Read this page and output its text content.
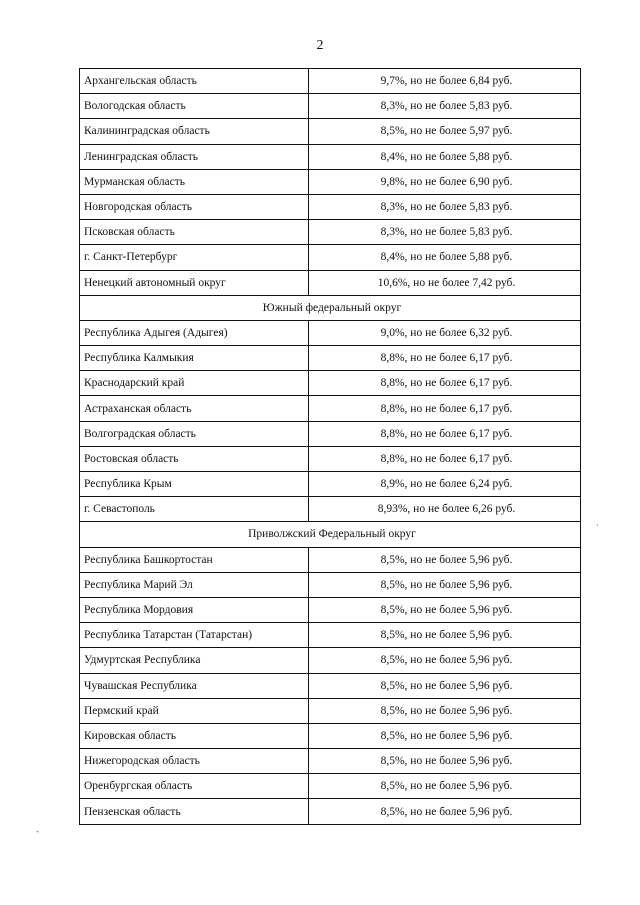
2
Архангельская область	9,7%, но не более 6,84 руб.
Вологодская область	8,3%, но не более 5,83 руб.
Калининградская область	8,5%, но не более 5,97 руб.
Ленинградская область	8,4%, но не более 5,88 руб.
Мурманская область	9,8%, но не более 6,90 руб.
Новгородская область	8,3%, но не более 5,83 руб.
Псковская область	8,3%, но не более 5,83 руб.
г. Санкт-Петербург	8,4%, но не более 5,88 руб.
Ненецкий автономный округ	10,6%, но не более 7,42 руб.
Южный федеральный округ	
Республика Адыгея (Адыгея)	9,0%, но не более 6,32 руб.
Республика Калмыкия	8,8%, но не более 6,17 руб.
Краснодарский край	8,8%, но не более 6,17 руб.
Астраханская область	8,8%, но не более 6,17 руб.
Волгоградская область	8,8%, но не более 6,17 руб.
Ростовская область	8,8%, но не более 6,17 руб.
Республика Крым	8,9%, но не более 6,24 руб.
г. Севастополь	8,93%, но не более 6,26 руб.
Приволжский Федеральный округ	
Республика Башкортостан	8,5%, но не более 5,96 руб.
Республика Марий Эл	8,5%, но не более 5,96 руб.
Республика Мордовия	8,5%, но не более 5,96 руб.
Республика Татарстан (Татарстан)	8,5%, но не более 5,96 руб.
Удмуртская Республика	8,5%, но не более 5,96 руб.
Чувашская Республика	8,5%, но не более 5,96 руб.
Пермский край	8,5%, но не более 5,96 руб.
Кировская область	8,5%, но не более 5,96 руб.
Нижегородская область	8,5%, но не более 5,96 руб.
Оренбургская область	8,5%, но не более 5,96 руб.
Пензенская область	8,5%, но не более 5,96 руб.
-
·
